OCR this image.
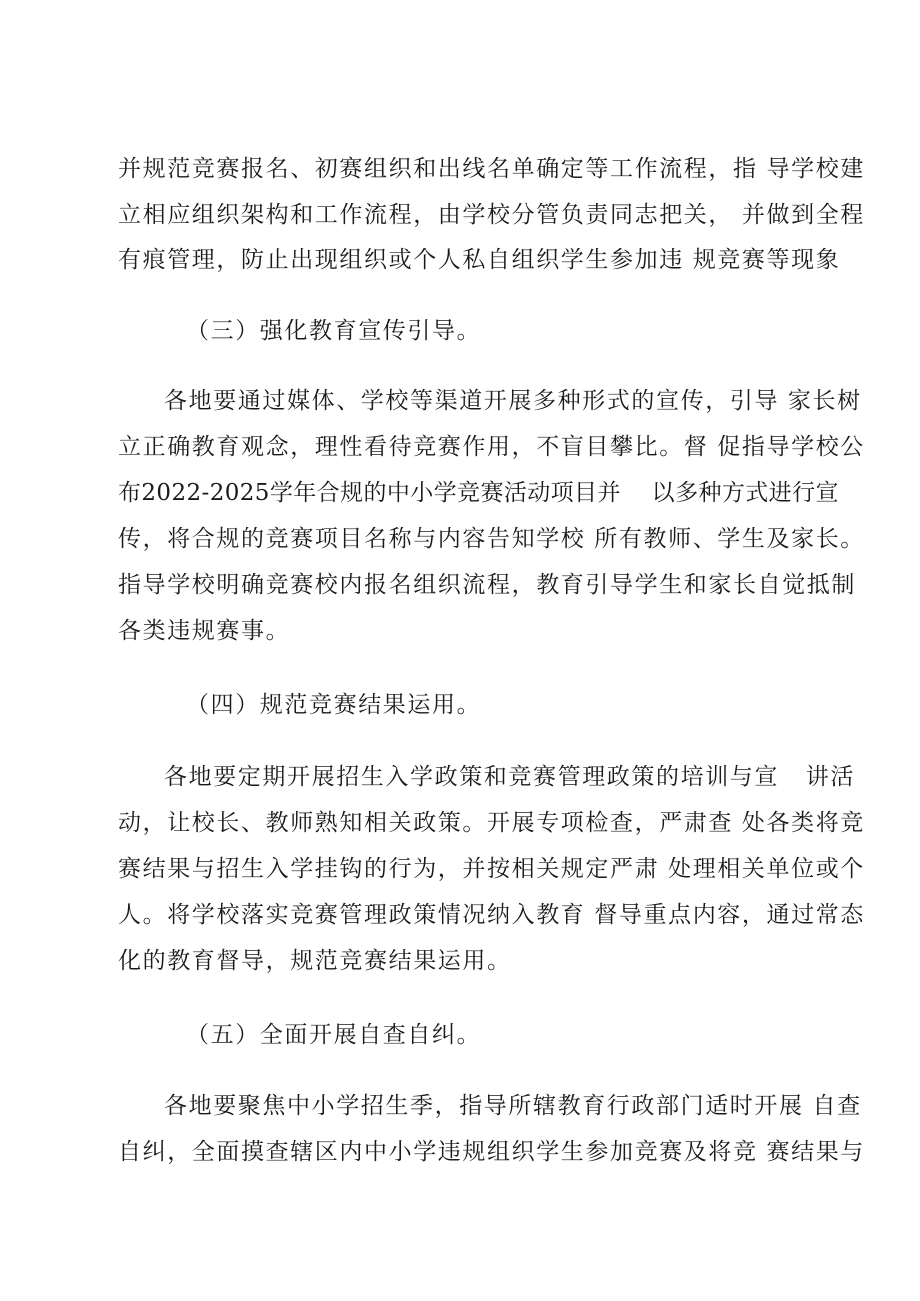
并规范竞赛报名、初赛组织和出线名单确定等工作流程，指 导学校建
立相应组织架构和工作流程，由学校分管负责同志把关， 并做到全程
有痕管理，防止出现组织或个人私自组织学生参加违 规竞赛等现象
（三）强化教育宣传引导。
各地要通过媒体、学校等渠道开展多种形式的宣传，引导 家长树
立正确教育观念，理性看待竞赛作用，不盲目攀比。督 促指导学校公
布2022-2025学年合规的中小学竞赛活动项目并    以多种方式进行宣
传，将合规的竞赛项目名称与内容告知学校 所有教师、学生及家长。
指导学校明确竞赛校内报名组织流程，教育引导学生和家长自觉抵制
各类违规赛事。
（四）规范竞赛结果运用。
各地要定期开展招生入学政策和竞赛管理政策的培训与宣   讲活
动，让校长、教师熟知相关政策。开展专项检查，严肃查 处各类将竞
赛结果与招生入学挂钩的行为，并按相关规定严肃 处理相关单位或个
人。将学校落实竞赛管理政策情况纳入教育 督导重点内容，通过常态
化的教育督导，规范竞赛结果运用。
（五）全面开展自查自纠。
各地要聚焦中小学招生季，指导所辖教育行政部门适时开展 自查
自纠，全面摸查辖区内中小学违规组织学生参加竞赛及将竞 赛结果与
